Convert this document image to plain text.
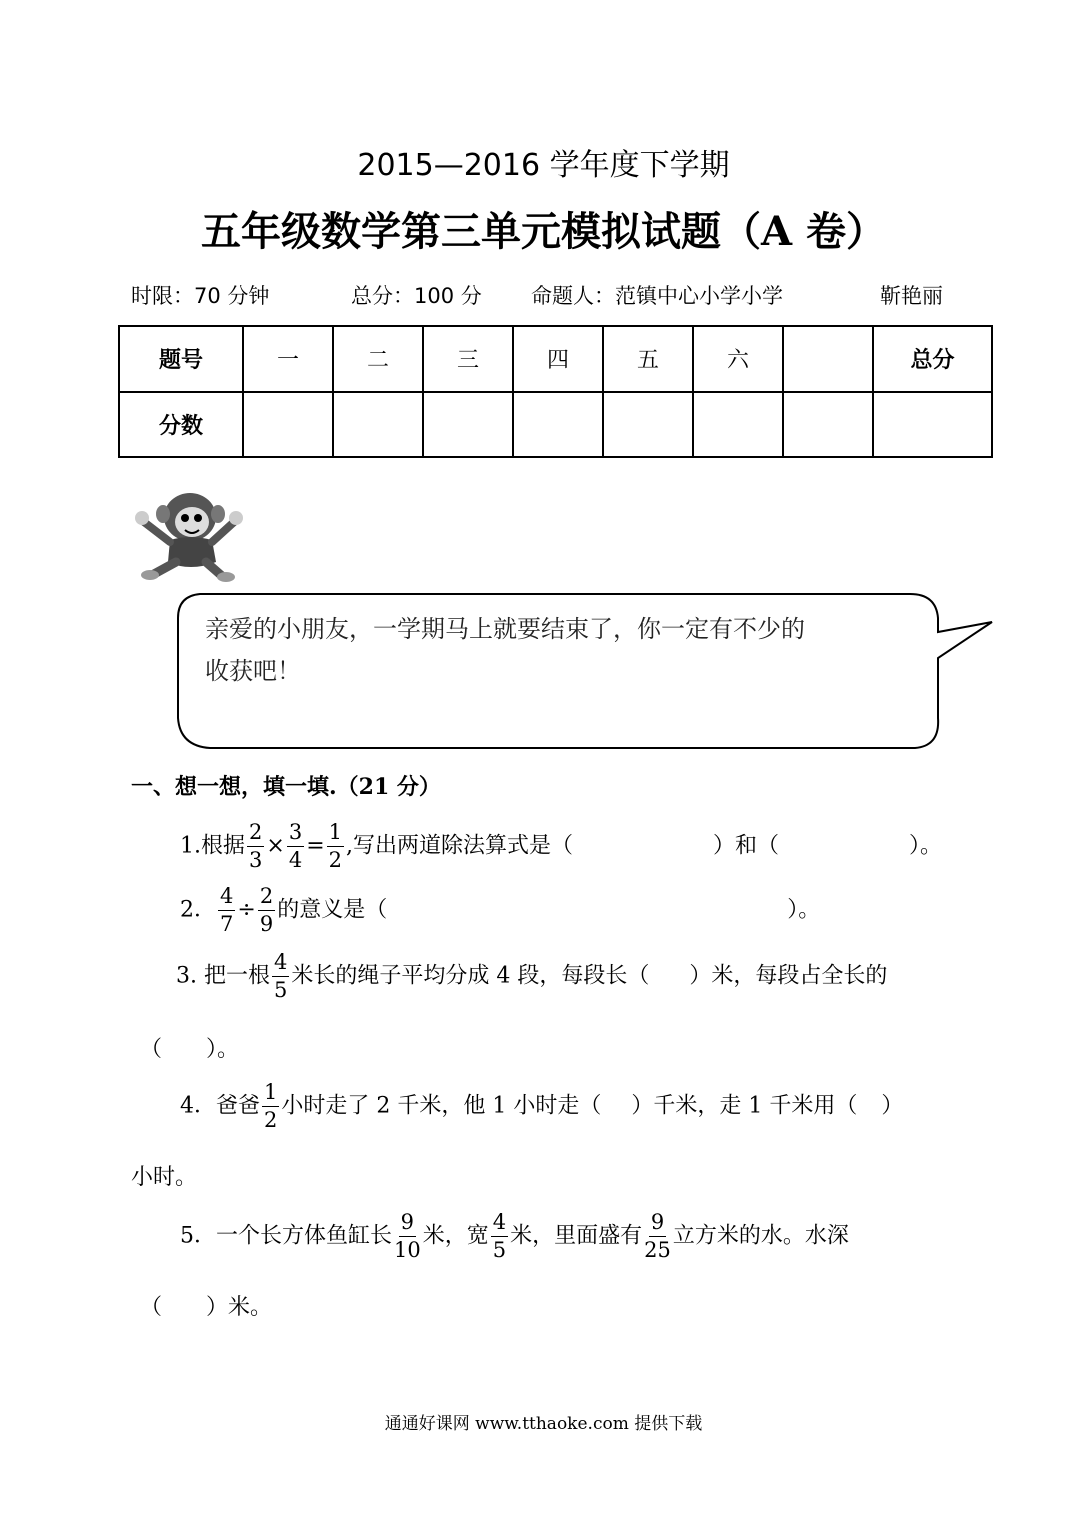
2015—2016 学年度下学期
五年级数学第三单元模拟试题（A 卷）
时限：70 分钟	总分：100 分 命题人：范镇中心小学小学	靳艳丽
题号	一	二	三	四	五	六		总分
分数								
亲爱的小朋友，一学期马上就要结束了，你一定有不少的
收获吧！
一、想一想，填一填.（21 分）
1.根据 $\frac{2}{3} \times \frac{3}{4} = \frac{1}{2}$ ,写出两道除法算式是（	）和（	）。
2． $\frac{4}{7} \div \frac{2}{9}$ 的意义是（	）。
3. 把一根 $\frac{4}{5}$ 米长的绳子平均分成 4 段，每段长（ ）米，每段占全长的
（　　）。
4．爸爸 $\frac{1}{2}$ 小时走了 2 千米，他 1 小时走（ ）千米，走 1 千米用（ ）
小时。
5．一个长方体鱼缸长 $\frac{9}{10}$ 米，宽 $\frac{4}{5}$ 米，里面盛有 $\frac{9}{25}$ 立方米的水。水深
（　　）米。
通通好课网 www.tthaoke.com 提供下载
